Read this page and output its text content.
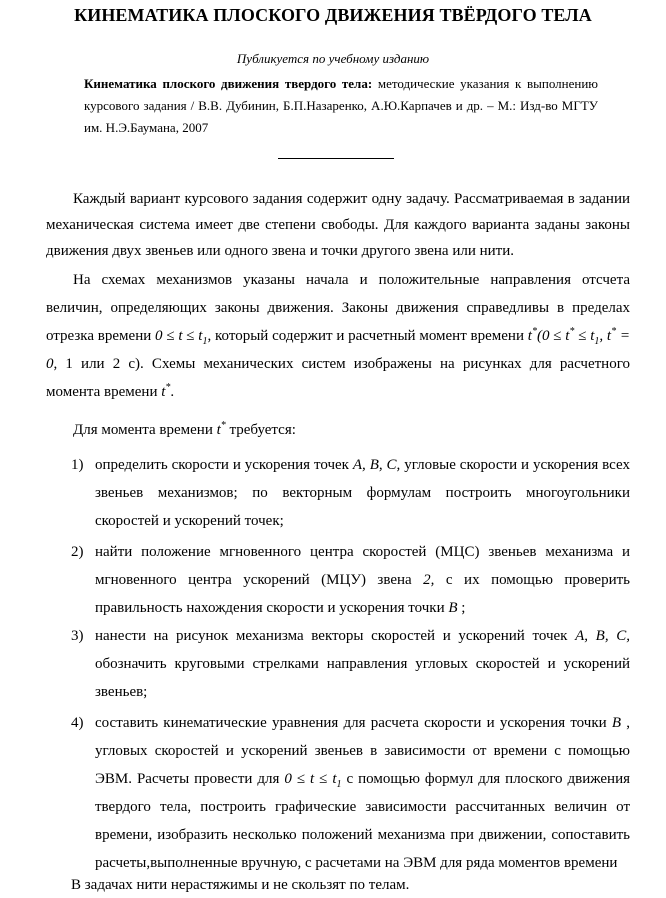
КИНЕМАТИКА ПЛОСКОГО ДВИЖЕНИЯ ТВЁРДОГО ТЕЛА
Публикуется по учебному изданию
Кинематика плоского движения твердого тела: методические указания к выполнению курсового задания / В.В. Дубинин, Б.П.Назаренко, А.Ю.Карпачев и др. – М.: Изд-во МГТУ им. Н.Э.Баумана, 2007

Каждый вариант курсового задания содержит одну задачу. Рассматриваемая в задании механическая система имеет две степени свободы. Для каждого варианта заданы законы движения двух звеньев или одного звена и точки другого звена или нити.

На схемах механизмов указаны начала и положительные направления отсчета величин, определяющих законы движения. Законы движения справедливы в пределах отрезка времени $0 \le t \le t_1$, который содержит и расчетный момент времени $t^*(0 \le t^* \le t_1$, t* = 0, 1 или 2 с). Схемы механических систем изображены на рисунках для расчетного момента времени t*.

Для момента времени t* требуется:

1) определить скорости и ускорения точек A, B, C, угловые скорости и ускорения всех звеньев механизмов; по векторным формулам построить многоугольники скоростей и ускорений точек;
2) найти положение мгновенного центра скоростей (МЦС) звеньев механизма и мгновенного центра ускорений (МЦУ) звена 2, с их помощью проверить правильность нахождения скорости и ускорения точки B ;
3) нанести на рисунок механизма векторы скоростей и ускорений точек A, B, C, обозначить круговыми стрелками направления угловых скоростей и ускорений звеньев;
4) составить кинематические уравнения для расчета скорости и ускорения точки B , угловых скоростей и ускорений звеньев в зависимости от времени с помощью ЭВМ. Расчеты провести для $0 \le t \le t_1$ с помощью формул для плоского движения твердого тела, построить графические зависимости рассчитанных величин от времени, изобразить несколько положений механизма при движении, сопоставить расчеты,выполненные вручную, с расчетами на ЭВМ для ряда моментов времени

В задачах нити нерастяжимы и не скользят по телам.
